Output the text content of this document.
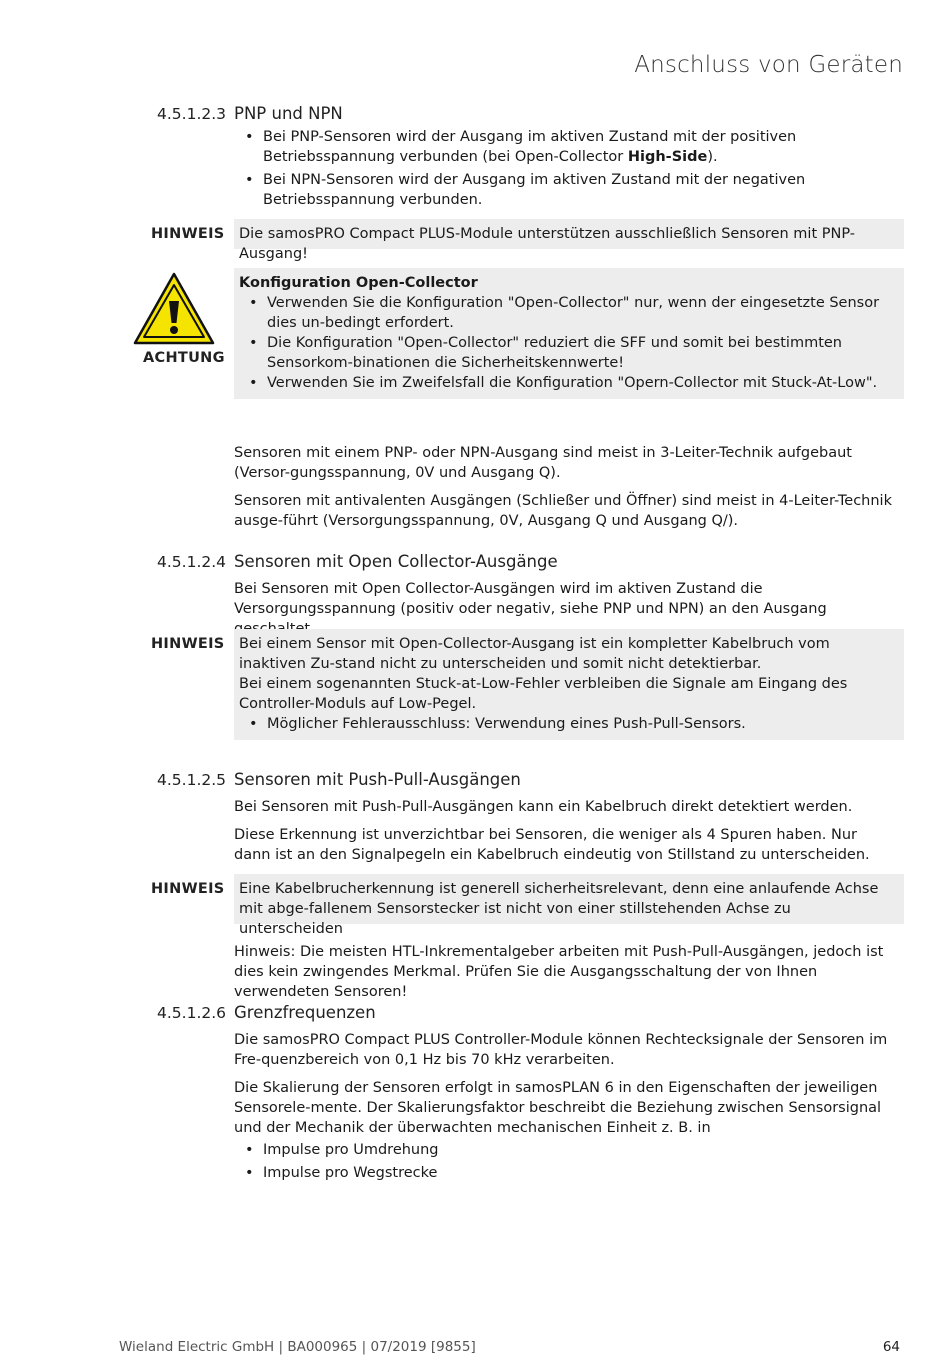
Anschluss von Geräten
4.5.1.2.3 PNP und NPN
• Bei PNP-Sensoren wird der Ausgang im aktiven Zustand mit der positiven Betriebsspannung verbunden (bei Open-Collector High-Side).
• Bei NPN-Sensoren wird der Ausgang im aktiven Zustand mit der negativen Betriebsspannung verbunden.
HINWEIS Die samosPRO Compact PLUS-Module unterstützen ausschließlich Sensoren mit PNP-Ausgang!
ACHTUNG
Konfiguration Open-Collector
• Verwenden Sie die Konfiguration "Open-Collector" nur, wenn der eingesetzte Sensor dies un-bedingt erfordert.
• Die Konfiguration "Open-Collector" reduziert die SFF und somit bei bestimmten Sensorkom-binationen die Sicherheitskennwerte!
• Verwenden Sie im Zweifelsfall die Konfiguration "Opern-Collector mit Stuck-At-Low".
Sensoren mit einem PNP- oder NPN-Ausgang sind meist in 3-Leiter-Technik aufgebaut (Versor-gungsspannung, 0V und Ausgang Q).
Sensoren mit antivalenten Ausgängen (Schließer und Öffner) sind meist in 4-Leiter-Technik ausge-führt (Versorgungsspannung, 0V, Ausgang Q und Ausgang Q/).
4.5.1.2.4 Sensoren mit Open Collector-Ausgänge
Bei Sensoren mit Open Collector-Ausgängen wird im aktiven Zustand die Versorgungsspannung (positiv oder negativ, siehe PNP und NPN) an den Ausgang
HINWEIS Bei einem Sensor mit Open-Collector-Ausgang ist ein kompletter Kabelbruch vom inaktiven Zu-stand nicht zu unterscheiden und somit nicht detektierbar.
Bei einem sogenannten Stuck-at-Low-Fehler verbleiben die Signale am Eingang des Controller-Moduls auf Low-Pegel.
• Möglicher Fehlerausschluss: Verwendung eines Push-Pull-Sensors.
4.5.1.2.5 Sensoren mit Push-Pull-Ausgängen
Bei Sensoren mit Push-Pull-Ausgängen kann ein Kabelbruch direkt detektiert werden.
Diese Erkennung ist unverzichtbar bei Sensoren, die weniger als 4 Spuren haben. Nur dann ist an den Signalpegeln ein Kabelbruch eindeutig von Stillstand zu unterscheiden.
HINWEIS Eine Kabelbrucherkennung ist generell sicherheitsrelevant, denn eine anlaufende Achse mit abge-fallenem Sensorstecker ist nicht von einer stillstehenden Achse zu unterscheiden
Hinweis: Die meisten HTL-Inkrementalgeber arbeiten mit Push-Pull-Ausgängen, jedoch ist dies kein zwingendes Merkmal. Prüfen Sie die Ausgangsschaltung der von Ihnen verwendeten Sensoren!
4.5.1.2.6 Grenzfrequenzen
Die samosPRO Compact PLUS Controller-Module können Rechtecksignale der Sensoren im Fre-quenzbereich von 0,1 Hz bis 70 kHz verarbeiten.
Die Skalierung der Sensoren erfolgt in samosPLAN 6 in den Eigenschaften der jeweiligen Sensorele-mente. Der Skalierungsfaktor beschreibt die Beziehung zwischen Sensorsignal und der Mechanik der überwachten mechanischen Einheit z. B. in
• Impulse pro Umdrehung
• Impulse pro Wegstrecke
Wieland Electric GmbH | BA000965 | 07/2019 [9855]	64
